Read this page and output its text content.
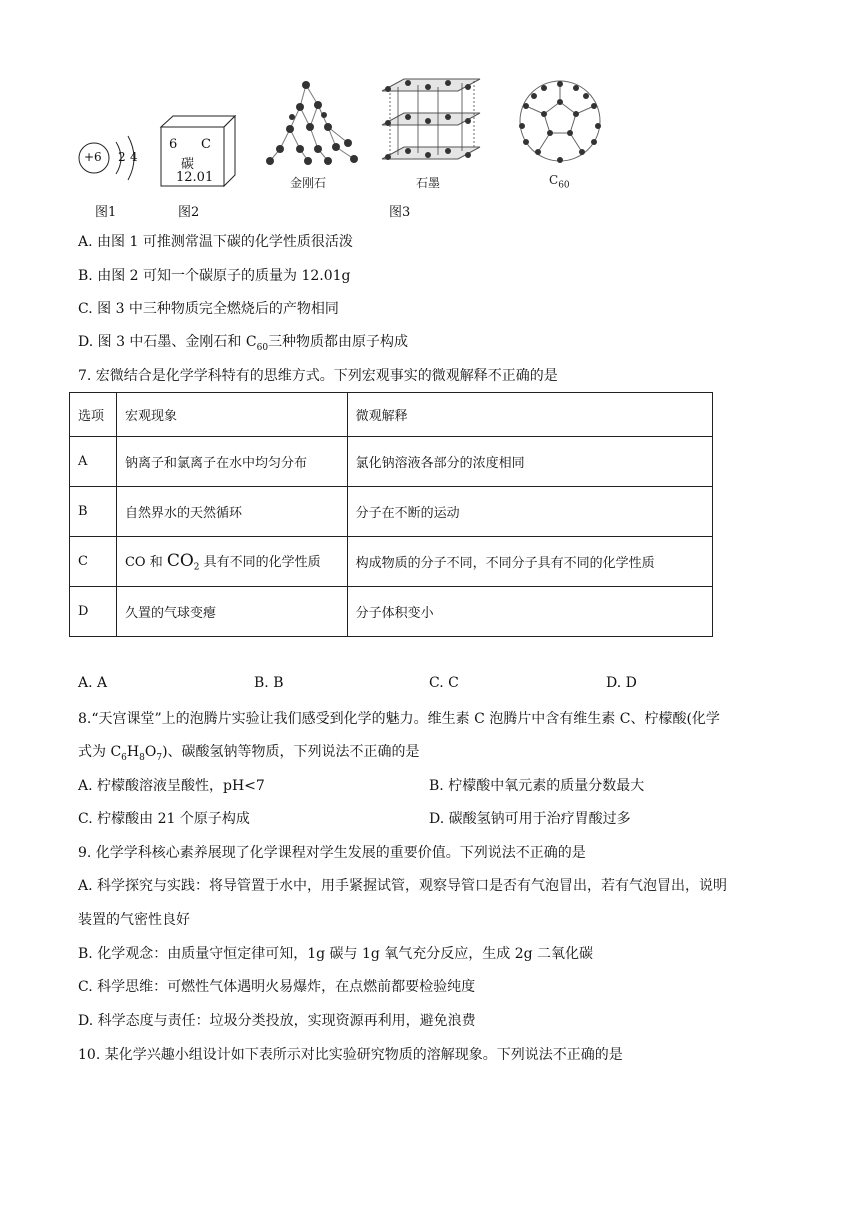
+6 2 4
图1
6 C
碳
12.01
图2
金刚石	石墨	$C_{60}$
图3
A. 由图 1 可推测常温下碳的化学性质很活泼
B. 由图 2 可知一个碳原子的质量为 12.01g
C. 图 3 中三种物质完全燃烧后的产物相同
D. 图 3 中石墨、金刚石和 $C_{60}$三种物质都由原子构成
7. 宏微结合是化学学科特有的思维方式。下列宏观事实的微观解释不正确的是
选项	宏观现象	微观解释
A	钠离子和氯离子在水中均匀分布	氯化钠溶液各部分的浓度相同
B	自然界水的天然循环	分子在不断的运动
C	CO 和 $CO_2$ 具有不同的化学性质	构成物质的分子不同，不同分子具有不同的化学性质
D	久置的气球变瘪	分子体积变小
A. A	B. B	C. C	D. D
8.“天宫课堂”上的泡腾片实验让我们感受到化学的魅力。维生素 C 泡腾片中含有维生素 C、柠檬酸(化学
式为 $C_6H_8O_7$)、碳酸氢钠等物质，下列说法不正确的是
A. 柠檬酸溶液呈酸性，pH<7	B. 柠檬酸中氧元素的质量分数最大
C. 柠檬酸由 21 个原子构成	D. 碳酸氢钠可用于治疗胃酸过多
9. 化学学科核心素养展现了化学课程对学生发展的重要价值。下列说法不正确的是
A. 科学探究与实践：将导管置于水中，用手紧握试管，观察导管口是否有气泡冒出，若有气泡冒出，说明
装置的气密性良好
B. 化学观念：由质量守恒定律可知，1g 碳与 1g 氧气充分反应，生成 2g 二氧化碳
C. 科学思维：可燃性气体遇明火易爆炸，在点燃前都要检验纯度
D. 科学态度与责任：垃圾分类投放，实现资源再利用，避免浪费
10. 某化学兴趣小组设计如下表所示对比实验研究物质的溶解现象。下列说法不正确的是
